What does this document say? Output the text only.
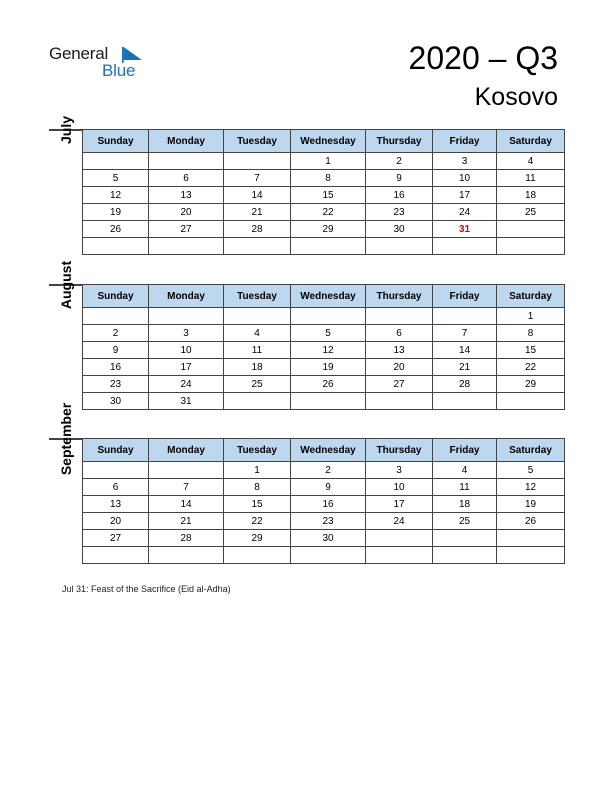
General
Blue	2020 – Q3
Kosovo
July Sunday	Monday	Tuesday	Wednesday	Thursday	Friday	Saturday
			1	2	3	4
5	6	7	8	9	10	11
12	13	14	15	16	17	18
19	20	21	22	23	24	25
26	27	28	29	30	31	

August Sunday	Monday	Tuesday	Wednesday	Thursday	Friday	Saturday
						1
2	3	4	5	6	7	8
9	10	11	12	13	14	15
16	17	18	19	20	21	22
23	24	25	26	27	28	29
30	31					
September Sunday	Monday	Tuesday	Wednesday	Thursday	Friday	Saturday
		1	2	3	4	5
6	7	8	9	10	11	12
13	14	15	16	17	18	19
20	21	22	23	24	25	26
27	28	29	30			

Jul 31: Feast of the Sacrifice (Eid al-Adha)
